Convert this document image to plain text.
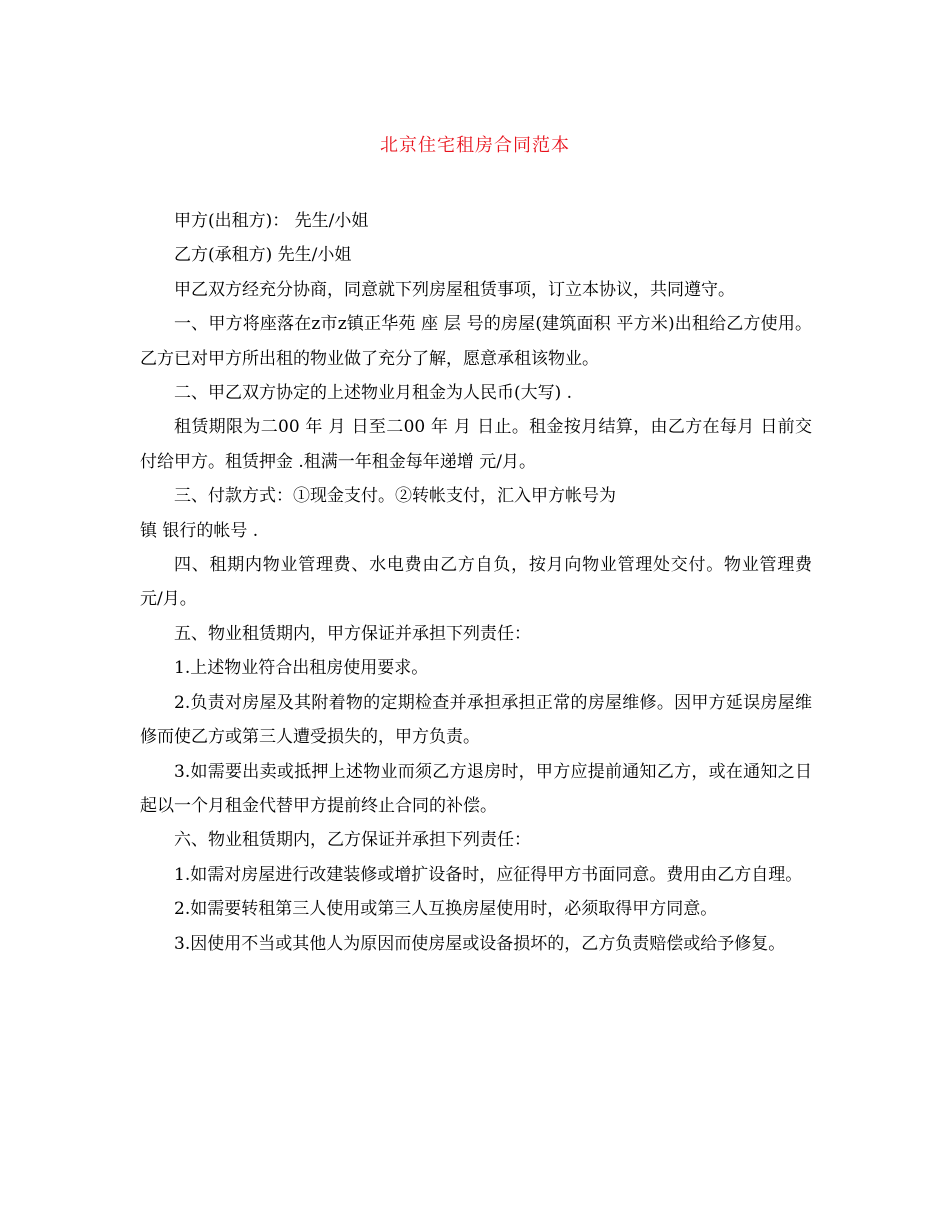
北京住宅租房合同范本

甲方(出租方)： 先生/小姐

乙方(承租方) 先生/小姐

甲乙双方经充分协商，同意就下列房屋租赁事项，订立本协议，共同遵守。

一、甲方将座落在z市z镇正华苑 座 层 号的房屋(建筑面积 平方米)出租给乙方使用。乙方已对甲方所出租的物业做了充分了解，愿意承租该物业。

二、甲乙双方协定的上述物业月租金为人民币(大写) .

租赁期限为二00 年 月 日至二00 年 月 日止。租金按月结算，由乙方在每月 日前交付给甲方。租赁押金 .租满一年租金每年递增 元/月。

三、付款方式：①现金支付。②转帐支付，汇入甲方帐号为

镇 银行的帐号 .

四、租期内物业管理费、水电费由乙方自负，按月向物业管理处交付。物业管理费 元/月。

五、物业租赁期内，甲方保证并承担下列责任：

1.上述物业符合出租房使用要求。

2.负责对房屋及其附着物的定期检查并承担承担正常的房屋维修。因甲方延误房屋维修而使乙方或第三人遭受损失的，甲方负责。

3.如需要出卖或抵押上述物业而须乙方退房时，甲方应提前通知乙方，或在通知之日起以一个月租金代替甲方提前终止合同的补偿。

六、物业租赁期内，乙方保证并承担下列责任：

1.如需对房屋进行改建装修或增扩设备时，应征得甲方书面同意。费用由乙方自理。

2.如需要转租第三人使用或第三人互换房屋使用时，必须取得甲方同意。

3.因使用不当或其他人为原因而使房屋或设备损坏的，乙方负责赔偿或给予修复。
